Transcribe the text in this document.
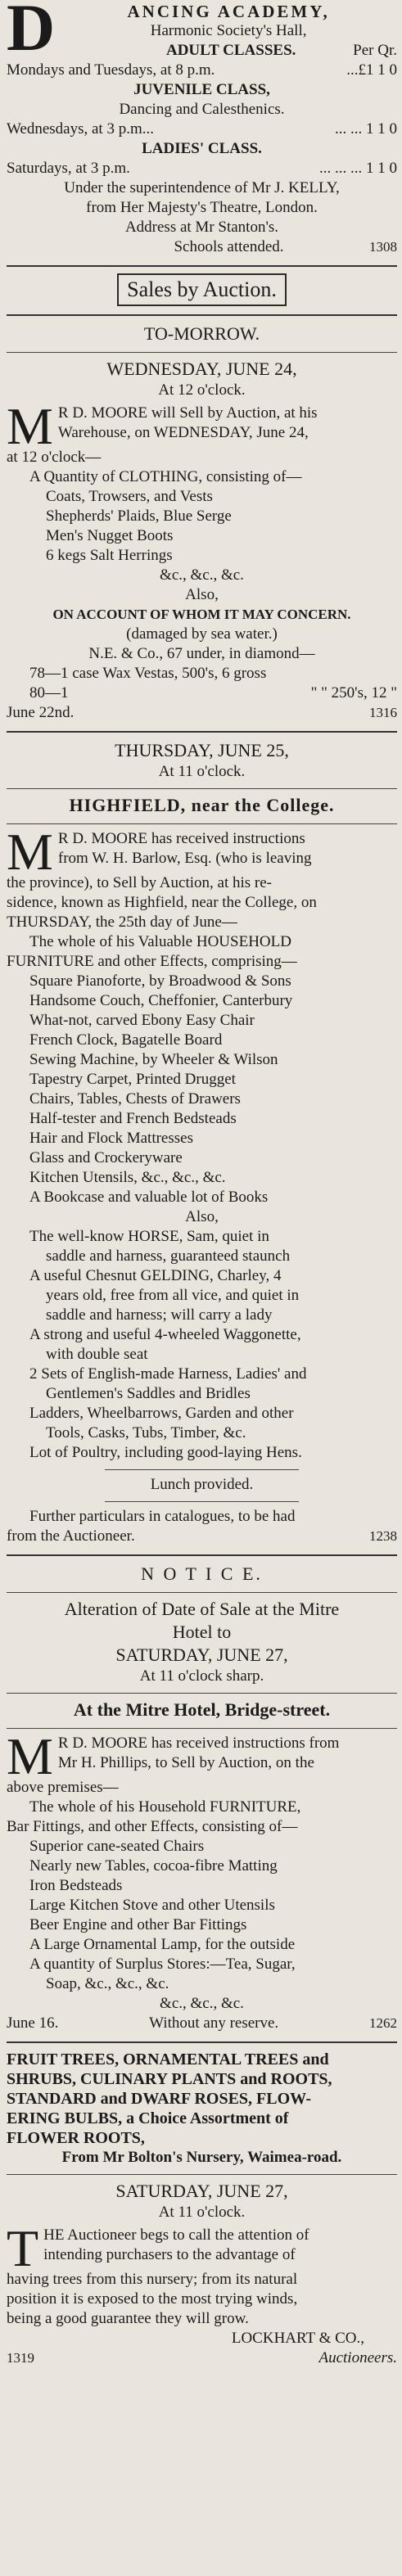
D	ANCING ACADEMY,
Harmonic Society's Hall,
ADULT CLASSES.	Per Qr.
Mondays and Tuesdays, at 8 p.m.	...£1 1 0
JUVENILE CLASS,
Dancing and Calesthenics.
Wednesdays, at 3 p.m...	... ... 1 1 0
LADIES' CLASS.
Saturdays, at 3 p.m.	... ... ... 1 1 0
Under the superintendence of Mr J. KELLY,
from Her Majesty's Theatre, London.
Address at Mr Stanton's.
Schools attended.	1308
Sales by Auction.
TO-MORROW.
WEDNESDAY, JUNE 24,
At 12 o'clock.
M R D. MOORE will Sell by Auction, at his
Warehouse, on WEDNESDAY, June 24,
at 12 o'clock—
A Quantity of CLOTHING, consisting of—
Coats, Trowsers, and Vests
Shepherds' Plaids, Blue Serge
Men's Nugget Boots
6 kegs Salt Herrings
&c., &c., &c.
Also,
ON ACCOUNT OF WHOM IT MAY CONCERN.
(damaged by sea water.)
N.E. & Co., 67 under, in diamond—
78—1 case Wax Vestas, 500's, 6 gross
80—1	" " 250's, 12 "
June 22nd.	1316
THURSDAY, JUNE 25,
At 11 o'clock.
HIGHFIELD, near the College.
M R D. MOORE has received instructions
from W. H. Barlow, Esq. (who is leaving
the province), to Sell by Auction, at his re-
sidence, known as Highfield, near the College, on
THURSDAY, the 25th day of June—
The whole of his Valuable HOUSEHOLD
FURNITURE and other Effects, comprising—
Square Pianoforte, by Broadwood & Sons
Handsome Couch, Cheffonier, Canterbury
What-not, carved Ebony Easy Chair
French Clock, Bagatelle Board
Sewing Machine, by Wheeler & Wilson
Tapestry Carpet, Printed Drugget
Chairs, Tables, Chests of Drawers
Half-tester and French Bedsteads
Hair and Flock Mattresses
Glass and Crockeryware
Kitchen Utensils, &c., &c., &c.
A Bookcase and valuable lot of Books
Also,
The well-know HORSE, Sam, quiet in
saddle and harness, guaranteed staunch
A useful Chesnut GELDING, Charley, 4
years old, free from all vice, and quiet in
saddle and harness; will carry a lady
A strong and useful 4-wheeled Waggonette,
with double seat
2 Sets of English-made Harness, Ladies' and
Gentlemen's Saddles and Bridles
Ladders, Wheelbarrows, Garden and other
Tools, Casks, Tubs, Timber, &c.
Lot of Poultry, including good-laying Hens.
Lunch provided.
Further particulars in catalogues, to be had
from the Auctioneer.	1238
N O T I C E.
Alteration of Date of Sale at the Mitre
Hotel to
SATURDAY, JUNE 27,
At 11 o'clock sharp.
At the Mitre Hotel, Bridge-street.
M R D. MOORE has received instructions from
Mr H. Phillips, to Sell by Auction, on the
above premises—
The whole of his Household FURNITURE,
Bar Fittings, and other Effects, consisting of—
Superior cane-seated Chairs
Nearly new Tables, cocoa-fibre Matting
Iron Bedsteads
Large Kitchen Stove and other Utensils
Beer Engine and other Bar Fittings
A Large Ornamental Lamp, for the outside
A quantity of Surplus Stores:—Tea, Sugar,
Soap, &c., &c., &c.
&c., &c., &c.
June 16.	Without any reserve.	1262
FRUIT TREES, ORNAMENTAL TREES and
SHRUBS, CULINARY PLANTS and ROOTS,
STANDARD and DWARF ROSES, FLOW-
ERING BULBS, a Choice Assortment of
FLOWER ROOTS,
From Mr Bolton's Nursery, Waimea-road.
SATURDAY, JUNE 27,
At 11 o'clock.
T HE Auctioneer begs to call the attention of
intending purchasers to the advantage of
having trees from this nursery; from its natural
position it is exposed to the most trying winds,
being a good guarantee they will grow.
LOCKHART & CO.,
1319	Auctioneers.
